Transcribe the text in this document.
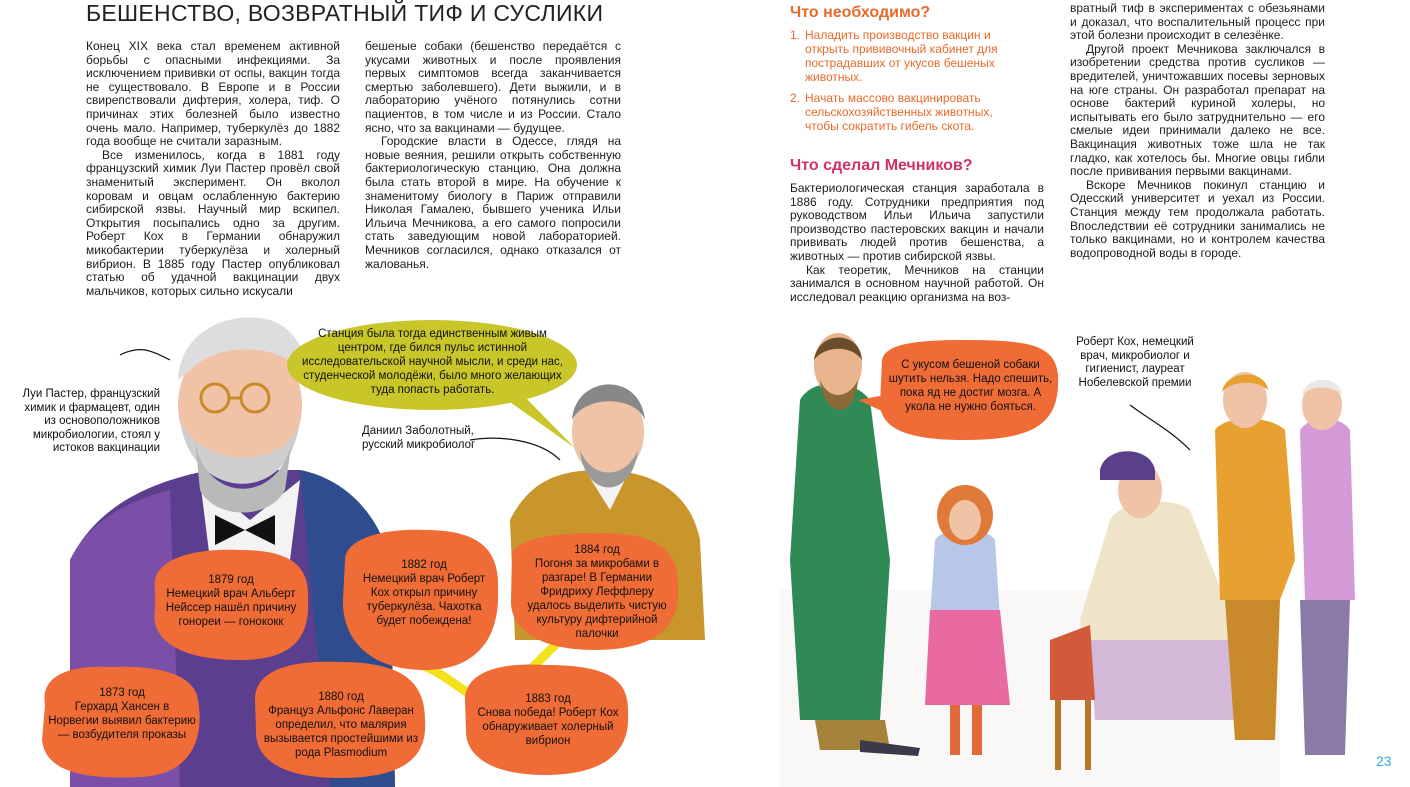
БЕШЕНСТВО, ВОЗВРАТНЫЙ ТИФ И СУСЛИКИ

Конец XIX века стал временем активной борьбы с опасными инфекциями. За исключением прививки от оспы, вакцин тогда не существовало. В Европе и в России свирепствовали дифтерия, холера, тиф. О причинах этих болезней было известно очень мало. Например, туберкулёз до 1882 года вообще не считали заразным.

Все изменилось, когда в 1881 году французский химик Луи Пастер провёл свой знаменитый эксперимент. Он вколол коровам и овцам ослабленную бактерию сибирской язвы. Научный мир вскипел. Открытия посыпались одно за другим. Роберт Кох в Германии обнаружил микобактерии туберкулёза и холерный вибрион. В 1885 году Пастер опубликовал статью об удачной вакцинации двух мальчиков, которых сильно искусали

бешеные собаки (бешенство передаётся с укусами животных и после проявления первых симптомов всегда заканчивается смертью заболевшего). Дети выжили, и в лабораторию учёного потянулись сотни пациентов, в том числе и из России. Стало ясно, что за вакцинами — будущее.

Городские власти в Одессе, глядя на новые веяния, решили открыть собственную бактериологическую станцию. Она должна была стать второй в мире. На обучение к знаменитому биологу в Париж отправили Николая Гамалею, бывшего ученика Ильи Ильича Мечникова, а его самого попросили стать заведующим новой лабораторией. Мечников согласился, однако отказался от жалованья.

Луи Пастер, французский химик и фармацевт, один из основоположников микробиологии, стоял у истоков вакцинации
Даниил Заболотный, русский микробиолог
Станция была тогда единственным живым центром, где бился пульс истинной исследовательской научной мысли, и среди нас, студенческой молодёжи, было много желающих туда попасть работать.
1873 год
Герхард Хансен в Норвегии выявил бактерию — возбудителя проказы
1879 год
Немецкий врач Альберт Нейссер нашёл причину гонореи — гонококк
1880 год
Француз Альфонс Лаверан определил, что малярия вызывается простейшими из рода Plasmodium
1882 год
Немецкий врач Роберт Кох открыл причину туберкулёза. Чахотка будет побеждена!
1883 год
Снова победа! Роберт Кох обнаруживает холерный вибрион
1884 год
Погоня за микробами в разгаре! В Германии Фридриху Леффлеру удалось выделить чистую культуру дифтерийной палочки
Что необходимо?
1. Наладить производство вакцин и открыть прививочный кабинет для пострадавших от укусов бешеных животных.
2. Начать массово вакцинировать сельскохозяйственных животных, чтобы сократить гибель скота.
Что сделал Мечников?

Бактериологическая станция заработала в 1886 году. Сотрудники предприятия под руководством Ильи Ильича запустили производство пастеровских вакцин и начали прививать людей против бешенства, а животных — против сибирской язвы.

Как теоретик, Мечников на станции занимался в основном научной работой. Он исследовал реакцию организма на воз-

вратный тиф в экспериментах с обезьянами и доказал, что воспалительный процесс при этой болезни происходит в селезёнке.

Другой проект Мечникова заключался в изобретении средства против сусликов — вредителей, уничтожавших посевы зерновых на юге страны. Он разработал препарат на основе бактерий куриной холеры, но испытывать его было затруднительно — его смелые идеи принимали далеко не все. Вакцинация животных тоже шла не так гладко, как хотелось бы. Многие овцы гибли после прививания первыми вакцинами.

Вскоре Мечников покинул станцию и Одесский университет и уехал из России. Станция между тем продолжала работать. Впоследствии её сотрудники занимались не только вакцинами, но и контролем качества водопроводной воды в городе.

С укусом бешеной собаки шутить нельзя. Надо спешить, пока яд не достиг мозга. А укола не нужно бояться.
Роберт Кох, немецкий врач, микробиолог и гигиенист, лауреат Нобелевской премии
23
